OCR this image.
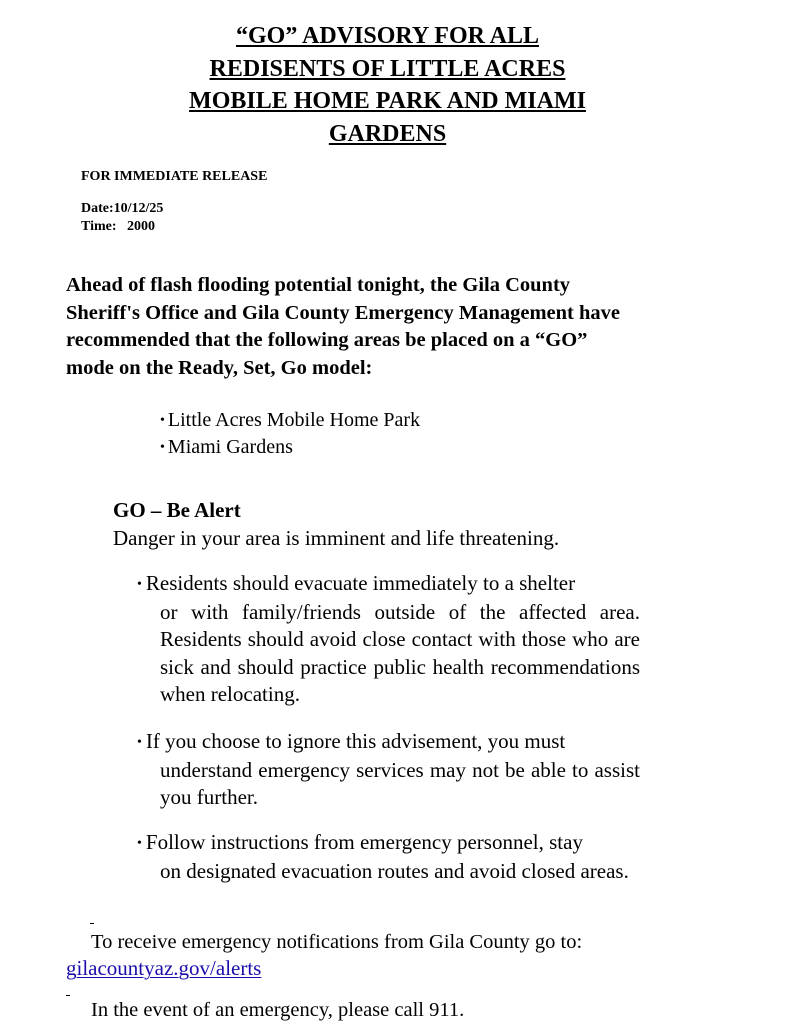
“GO” ADVISORY FOR ALL
REDISENTS OF LITTLE ACRES
MOBILE HOME PARK AND MIAMI
GARDENS

FOR IMMEDIATE RELEASE

Date:10/12/25

Time:   2000

Ahead of flash flooding potential tonight, the Gila County
Sheriff's Office and Gila County Emergency Management have
recommended that the following areas be placed on a “GO”
mode on the Ready, Set, Go model:
• Little Acres Mobile Home Park
• Miami Gardens

GO – Be Alert

Danger in your area is imminent and life threatening.

• Residents should evacuate immediately to a shelter
or with family/friends outside of the affected area. Residents should avoid close contact with those who are sick and should practice public health recommendations when relocating.
• If you choose to ignore this advisement, you must
understand emergency services may not be able to assist you further.
• Follow instructions from emergency personnel, stay
on designated evacuation routes and avoid closed areas.

To receive emergency notifications from Gila County go to:

gilacountyaz.gov/alerts

In the event of an emergency, please call 911.
